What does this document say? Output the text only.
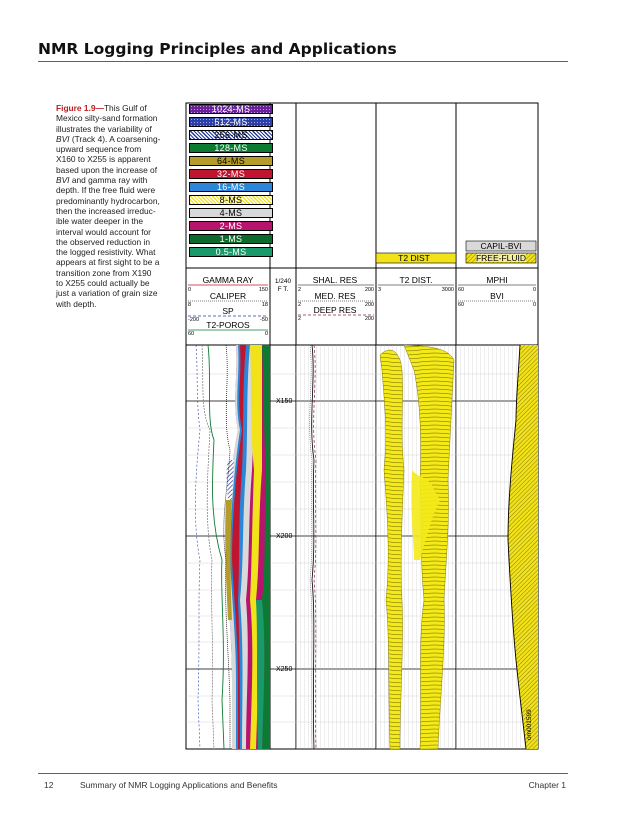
NMR Logging Principles and Applications
Figure 1.9—This Gulf of
Mexico silty-sand formation
illustrates the variability of
BVI (Track 4). A coarsening-
upward sequence from
X160 to X255 is apparent
based upon the increase of
BVI and gamma ray with
depth. If the free fluid were
predominantly hydrocarbon,
then the increased irreduc-
ible water deeper in the
interval would account for
the observed reduction in
the logged resistivity. What
appears at first sight to be a
transition zone from X190
to X255 could actually be
just a variation of grain size
with depth.
T2 DIST
CAPIL-BVI
FREE-FLUID
GAMMA RAY
0	150
CALIPER
8	18
SP
-200	-50
T2-POROS
60	0
1/240
F T.
SHAL. RES
2	200
MED. RES
2	200
DEEP RES
2	200
T2 DIST.
3	3000
MPHI
60	0
BVI
60	0
X150
X200
X250
om001599
1024-MS
512-MS
256-MS
128-MS
64-MS
32-MS
16-MS
8-MS
4-MS
2-MS
1-MS
0.5-MS
12	Summary of NMR Logging Applications and Benefits	Chapter 1
